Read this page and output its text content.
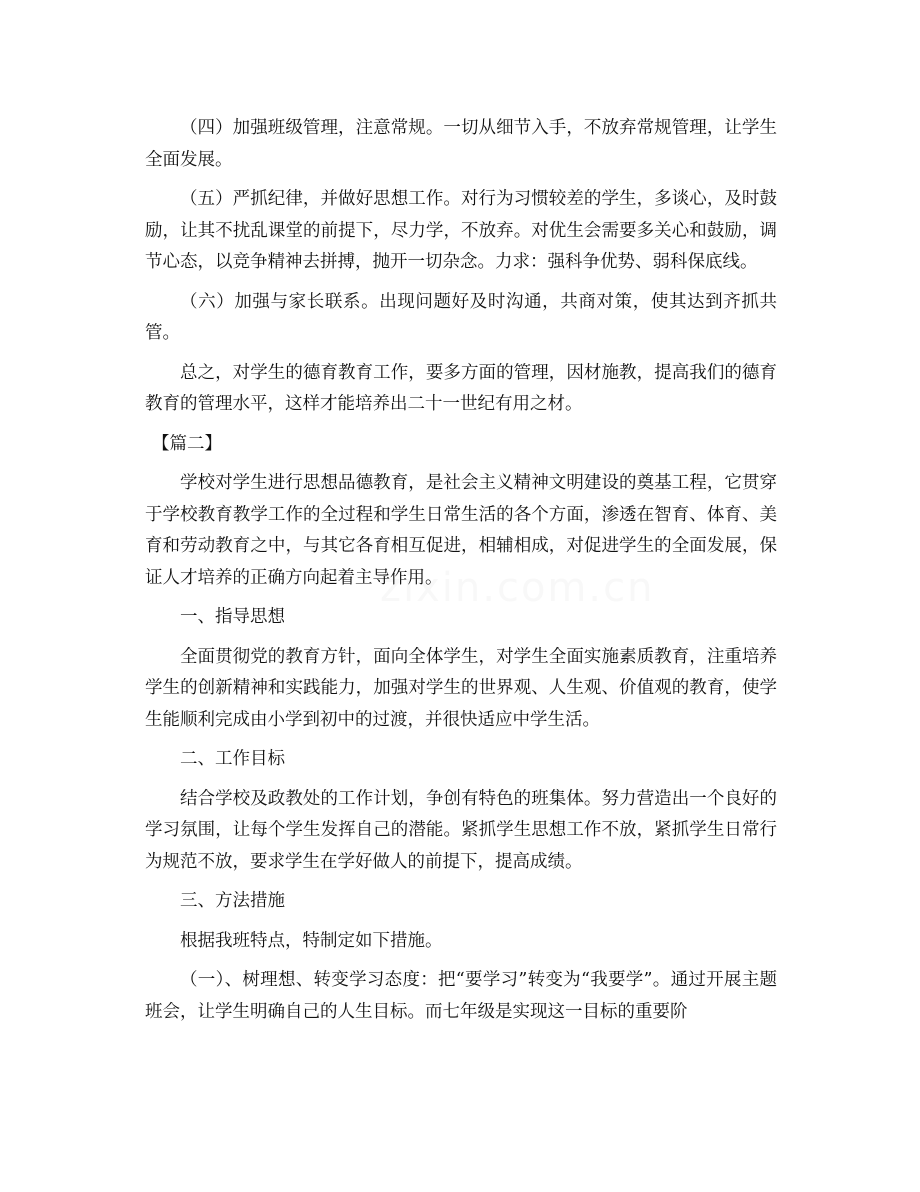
zixin.com.cn

（四）加强班级管理，注意常规。一切从细节入手，不放弃常规管理，让学生全面发展。

（五）严抓纪律，并做好思想工作。对行为习惯较差的学生，多谈心，及时鼓励，让其不扰乱课堂的前提下，尽力学，不放弃。对优生会需要多关心和鼓励，调节心态，以竞争精神去拼搏，抛开一切杂念。力求：强科争优势、弱科保底线。

（六）加强与家长联系。出现问题好及时沟通，共商对策，使其达到齐抓共管。

总之，对学生的德育教育工作，要多方面的管理，因材施教，提高我们的德育教育的管理水平，这样才能培养出二十一世纪有用之材。

【篇二】

学校对学生进行思想品德教育，是社会主义精神文明建设的奠基工程，它贯穿于学校教育教学工作的全过程和学生日常生活的各个方面，渗透在智育、体育、美育和劳动教育之中，与其它各育相互促进，相辅相成，对促进学生的全面发展，保证人才培养的正确方向起着主导作用。

一、指导思想

全面贯彻党的教育方针，面向全体学生，对学生全面实施素质教育，注重培养学生的创新精神和实践能力，加强对学生的世界观、人生观、价值观的教育，使学生能顺利完成由小学到初中的过渡，并很快适应中学生活。

二、工作目标

结合学校及政教处的工作计划，争创有特色的班集体。努力营造出一个良好的学习氛围，让每个学生发挥自己的潜能。紧抓学生思想工作不放，紧抓学生日常行为规范不放，要求学生在学好做人的前提下，提高成绩。

三、方法措施

根据我班特点，特制定如下措施。

（一）、树理想、转变学习态度：把“要学习”转变为“我要学”。通过开展主题班会，让学生明确自己的人生目标。而七年级是实现这一目标的重要阶
